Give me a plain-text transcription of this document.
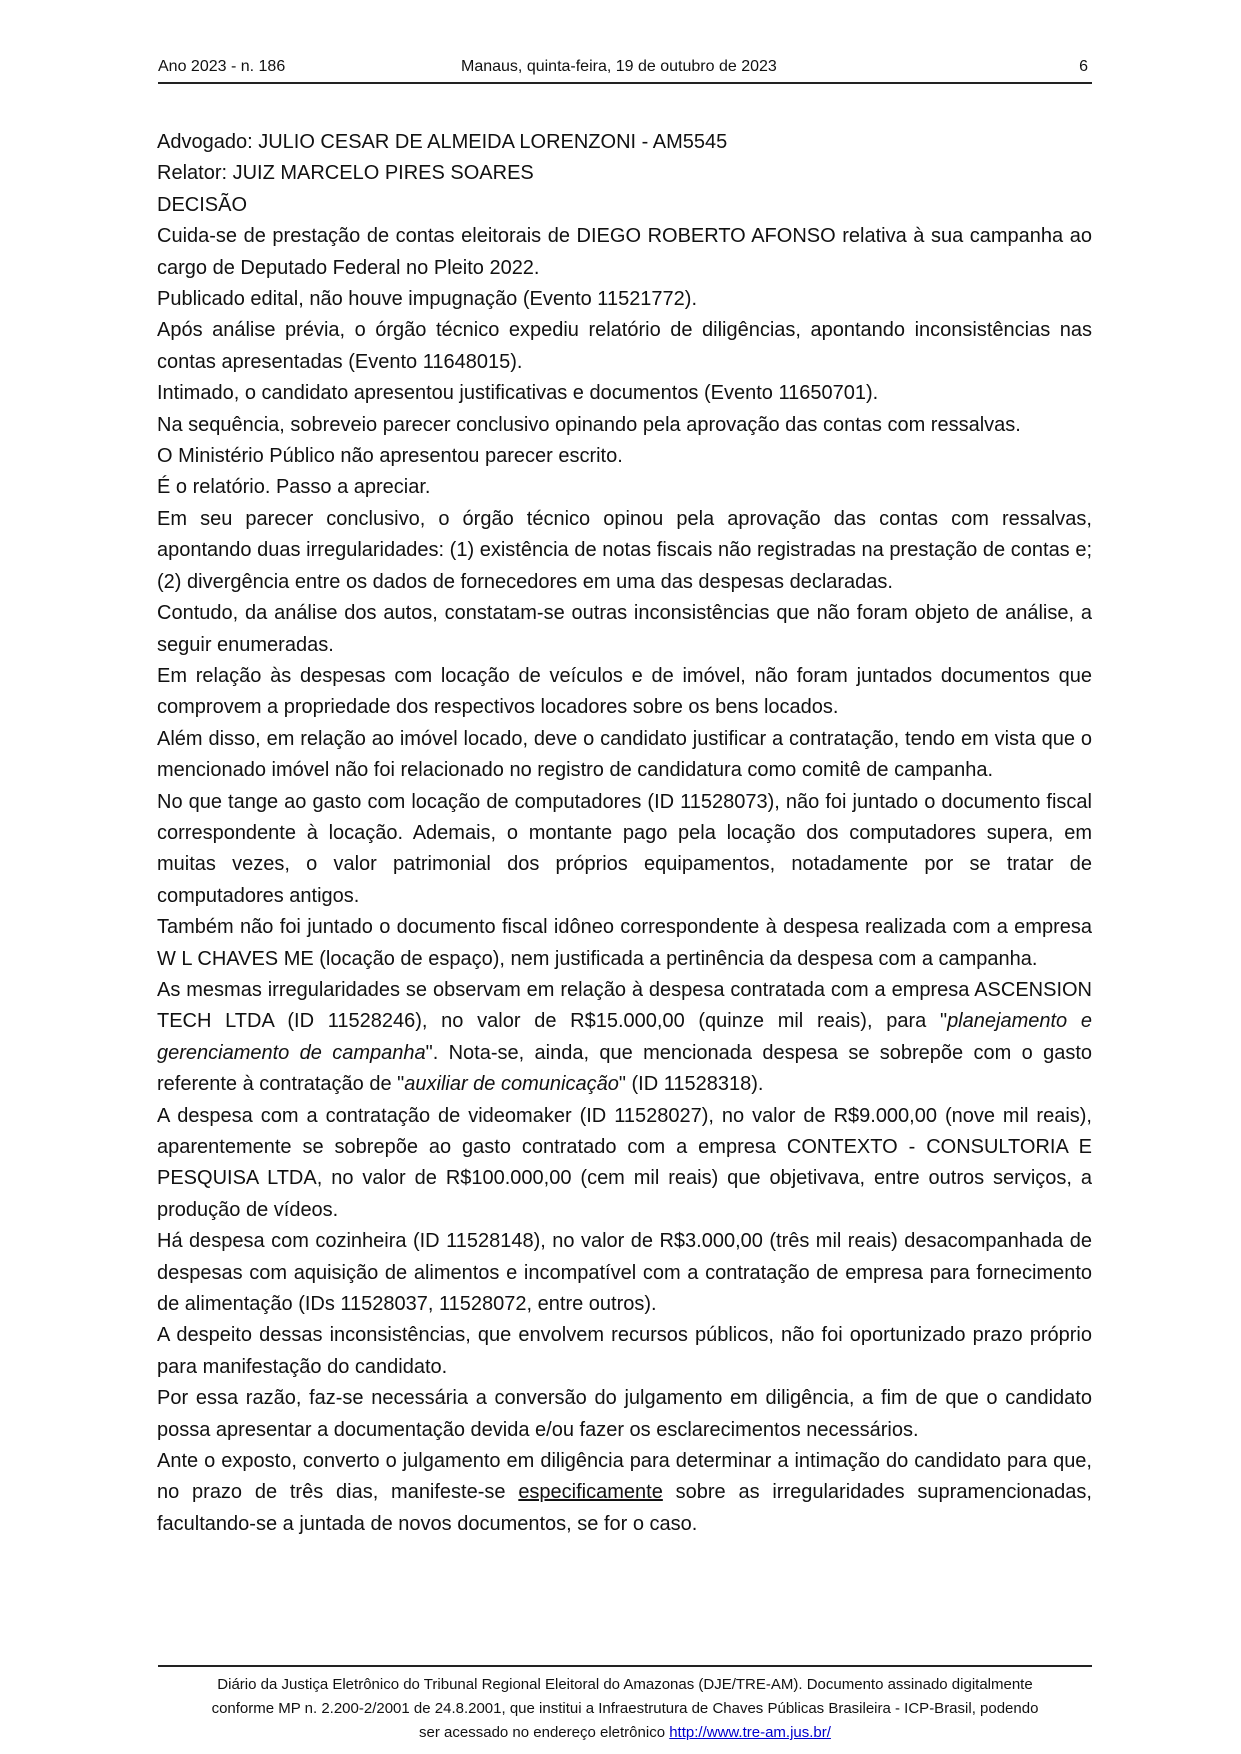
Ano 2023 - n. 186	Manaus, quinta-feira, 19 de outubro de 2023	6

Advogado: JULIO CESAR DE ALMEIDA LORENZONI - AM5545

Relator: JUIZ MARCELO PIRES SOARES

DECISÃO

Cuida-se de prestação de contas eleitorais de DIEGO ROBERTO AFONSO relativa à sua campanha ao cargo de Deputado Federal no Pleito 2022.

Publicado edital, não houve impugnação (Evento 11521772).

Após análise prévia, o órgão técnico expediu relatório de diligências, apontando inconsistências nas contas apresentadas (Evento 11648015).

Intimado, o candidato apresentou justificativas e documentos (Evento 11650701).

Na sequência, sobreveio parecer conclusivo opinando pela aprovação das contas com ressalvas.

O Ministério Público não apresentou parecer escrito.

É o relatório. Passo a apreciar.

Em seu parecer conclusivo, o órgão técnico opinou pela aprovação das contas com ressalvas, apontando duas irregularidades: (1) existência de notas fiscais não registradas na prestação de contas e; (2) divergência entre os dados de fornecedores em uma das despesas declaradas.

Contudo, da análise dos autos, constatam-se outras inconsistências que não foram objeto de análise, a seguir enumeradas.

Em relação às despesas com locação de veículos e de imóvel, não foram juntados documentos que comprovem a propriedade dos respectivos locadores sobre os bens locados.

Além disso, em relação ao imóvel locado, deve o candidato justificar a contratação, tendo em vista que o mencionado imóvel não foi relacionado no registro de candidatura como comitê de campanha.

No que tange ao gasto com locação de computadores (ID 11528073), não foi juntado o documento fiscal correspondente à locação. Ademais, o montante pago pela locação dos computadores supera, em muitas vezes, o valor patrimonial dos próprios equipamentos, notadamente por se tratar de computadores antigos.

Também não foi juntado o documento fiscal idôneo correspondente à despesa realizada com a empresa W L CHAVES ME (locação de espaço), nem justificada a pertinência da despesa com a campanha.

As mesmas irregularidades se observam em relação à despesa contratada com a empresa ASCENSION TECH LTDA (ID 11528246), no valor de R$15.000,00 (quinze mil reais), para "planejamento e gerenciamento de campanha". Nota-se, ainda, que mencionada despesa se sobrepõe com o gasto referente à contratação de "auxiliar de comunicação" (ID 11528318).

A despesa com a contratação de videomaker (ID 11528027), no valor de R$9.000,00 (nove mil reais), aparentemente se sobrepõe ao gasto contratado com a empresa CONTEXTO - CONSULTORIA E PESQUISA LTDA, no valor de R$100.000,00 (cem mil reais) que objetivava, entre outros serviços, a produção de vídeos.

Há despesa com cozinheira (ID 11528148), no valor de R$3.000,00 (três mil reais) desacompanhada de despesas com aquisição de alimentos e incompatível com a contratação de empresa para fornecimento de alimentação (IDs 11528037, 11528072, entre outros).

A despeito dessas inconsistências, que envolvem recursos públicos, não foi oportunizado prazo próprio para manifestação do candidato.

Por essa razão, faz-se necessária a conversão do julgamento em diligência, a fim de que o candidato possa apresentar a documentação devida e/ou fazer os esclarecimentos necessários.

Ante o exposto, converto o julgamento em diligência para determinar a intimação do candidato para que, no prazo de três dias, manifeste-se especificamente sobre as irregularidades supramencionadas, facultando-se a juntada de novos documentos, se for o caso.

Diário da Justiça Eletrônico do Tribunal Regional Eleitoral do Amazonas (DJE/TRE-AM). Documento assinado digitalmente
conforme MP n. 2.200-2/2001 de 24.8.2001, que institui a Infraestrutura de Chaves Públicas Brasileira - ICP-Brasil, podendo
ser acessado no endereço eletrônico http://www.tre-am.jus.br/
